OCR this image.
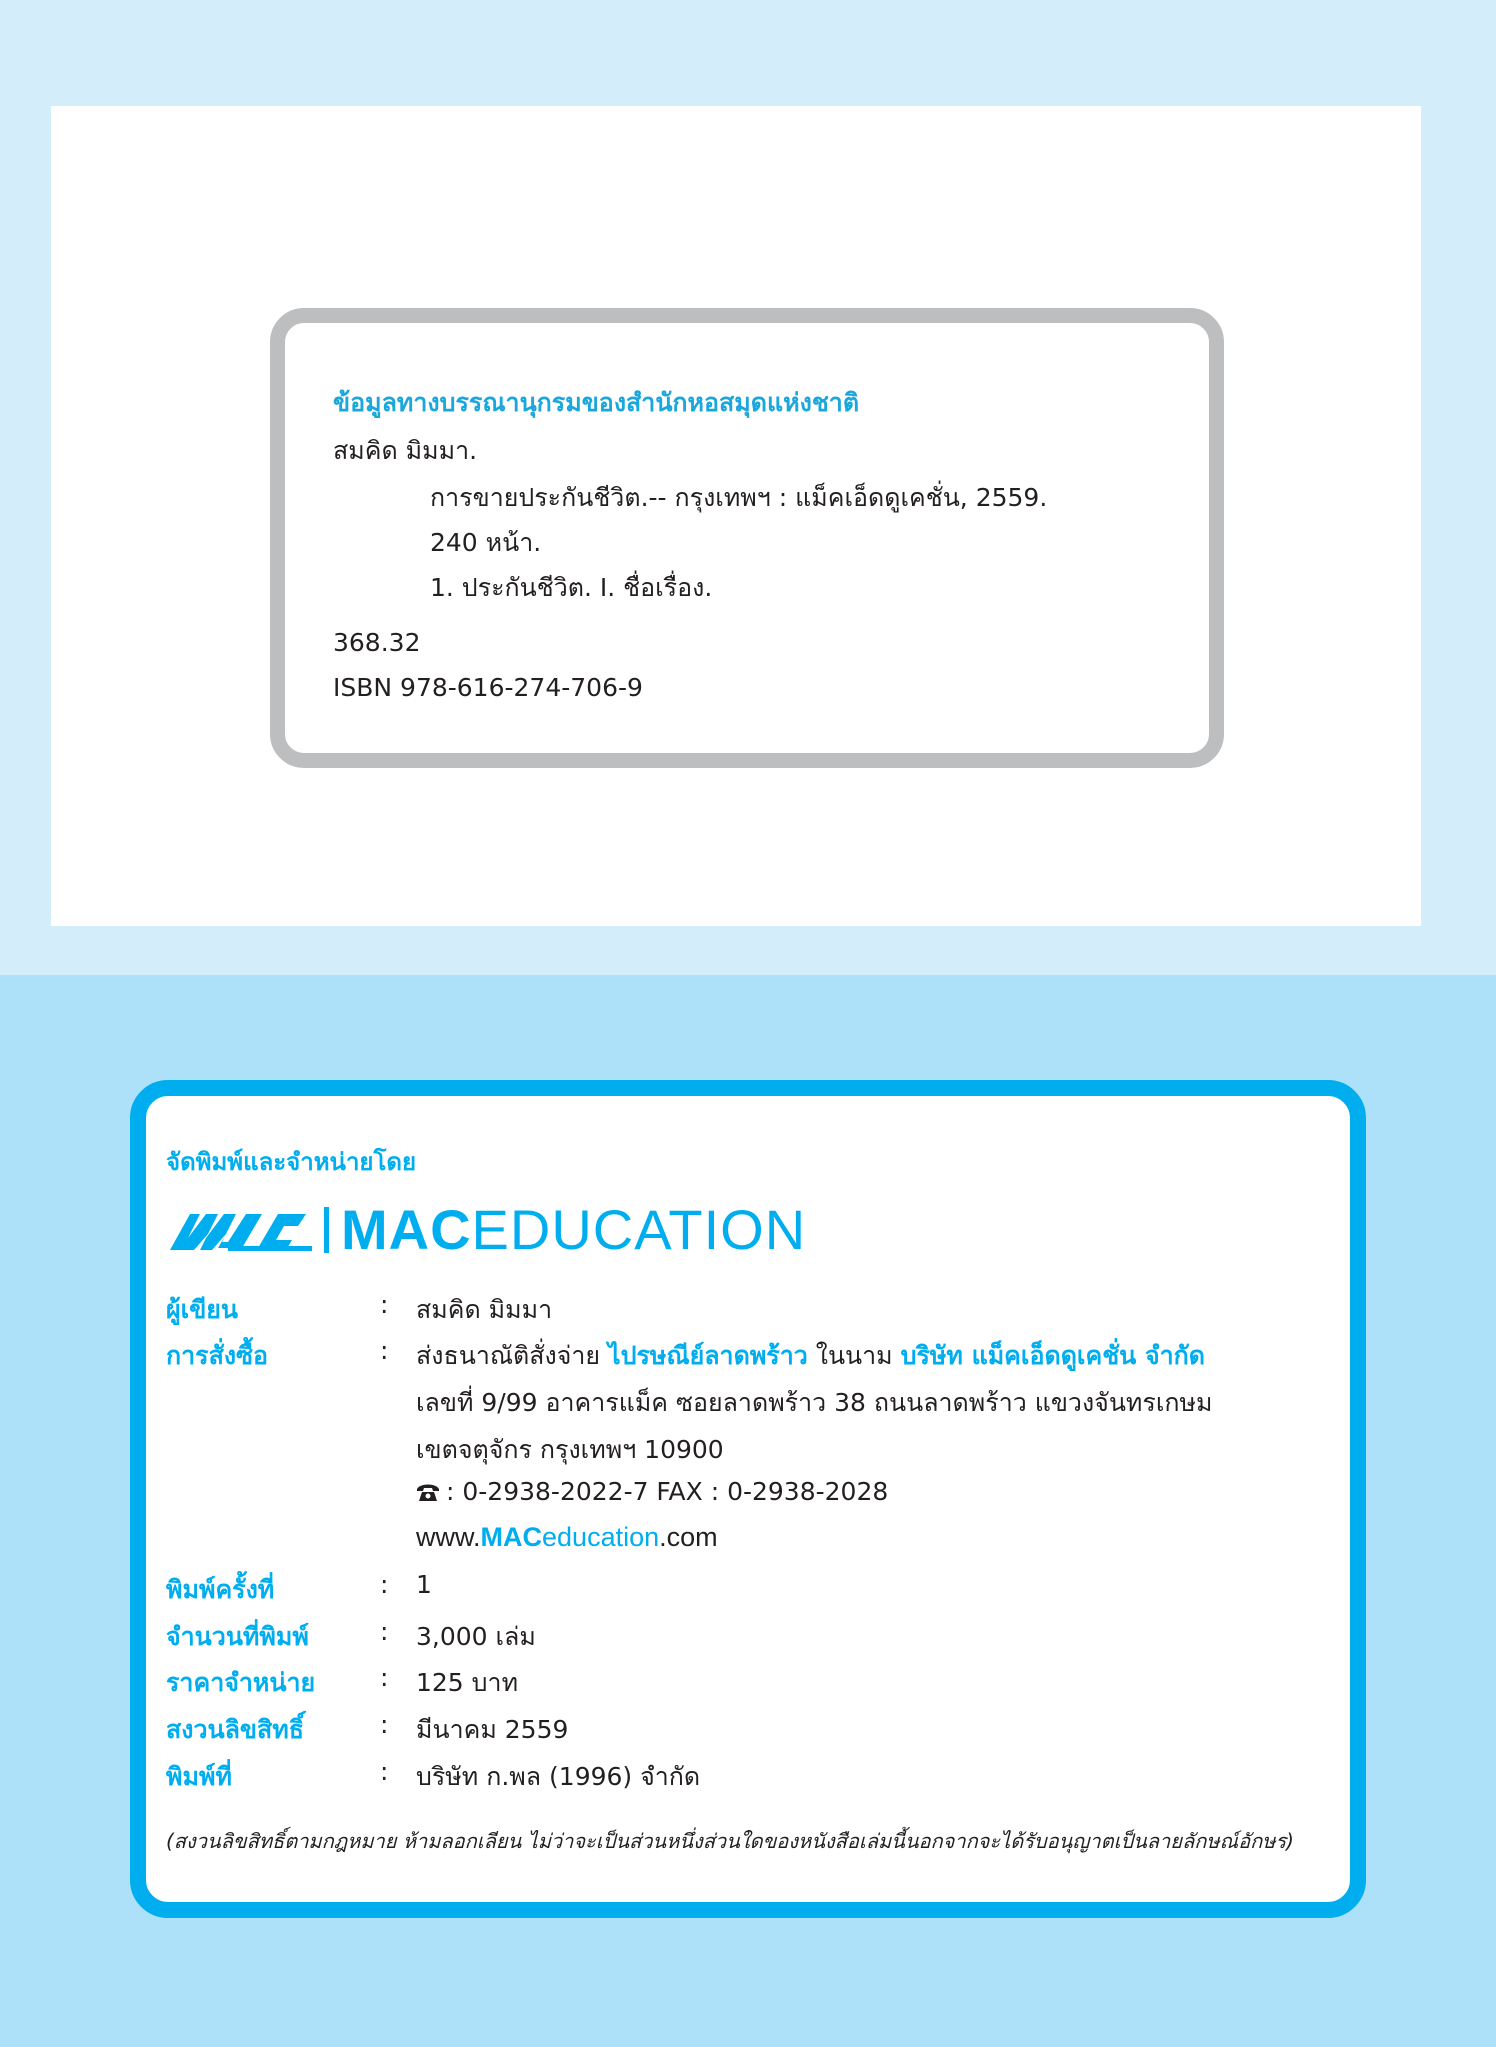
ข้อมูลทางบรรณานุกรมของสำนักหอสมุดแห่งชาติ
สมคิด มิมมา.
การขายประกันชีวิต.-- กรุงเทพฯ : แม็คเอ็ดดูเคชั่น, 2559.
240 หน้า.
1. ประกันชีวิต. I. ชื่อเรื่อง.
368.32
ISBN 978-616-274-706-9
จัดพิมพ์และจำหน่ายโดย
MACEDUCATION
ผู้เขียน	: สมคิด มิมมา
การสั่งซื้อ	: ส่งธนาณัติสั่งจ่าย ไปรษณีย์ลาดพร้าว ในนาม บริษัท แม็คเอ็ดดูเคชั่น จำกัด
เลขที่ 9/99 อาคารแม็ค ซอยลาดพร้าว 38 ถนนลาดพร้าว แขวงจันทรเกษม
เขตจตุจักร กรุงเทพฯ 10900
: 0-2938-2022-7 FAX : 0-2938-2028
www.MACeducation.com
พิมพ์ครั้งที่	: 1
จำนวนที่พิมพ์	: 3,000 เล่ม
ราคาจำหน่าย	: 125 บาท
สงวนลิขสิทธิ์	: มีนาคม 2559
พิมพ์ที่	: บริษัท ก.พล (1996) จำกัด
(สงวนลิขสิทธิ์ตามกฎหมาย ห้ามลอกเลียน ไม่ว่าจะเป็นส่วนหนึ่งส่วนใดของหนังสือเล่มนี้นอกจากจะได้รับอนุญาตเป็นลายลักษณ์อักษร)
